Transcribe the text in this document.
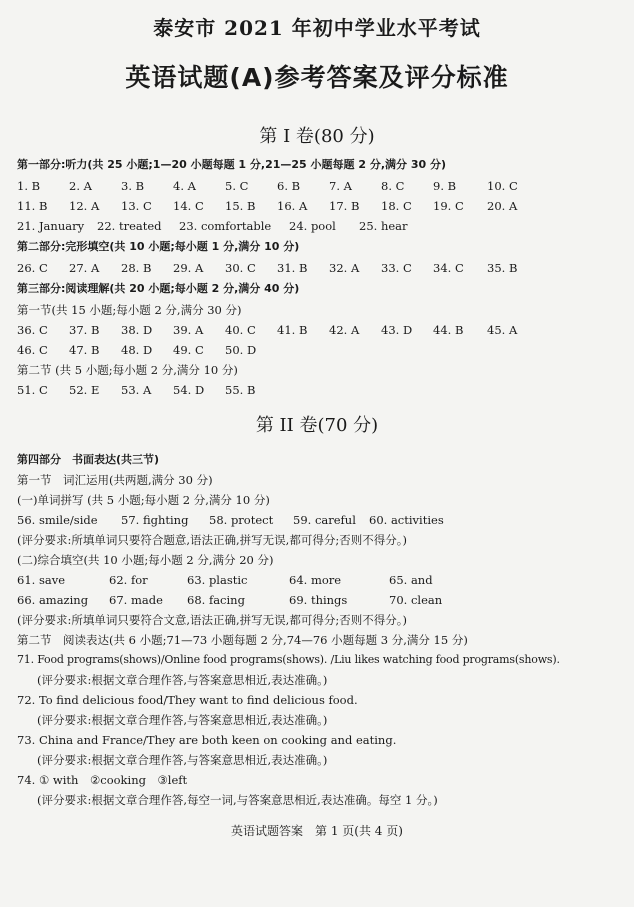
泰安市 2021 年初中学业水平考试
英语试题(A)参考答案及评分标准
第 I 卷(80 分)
第一部分:听力(共 25 小题;1—20 小题每题 1 分,21—25 小题每题 2 分,满分 30 分)
1. B	2. A	3. B	4. A	5. C 6. B	7. A	8. C 9. B	10. C
11. B 12. A 13. C 14. C 15. B 16. A 17. B 18. C 19. C 20. A
21. January 22. treated 23. comfortable 24. pool 25. hear
第二部分:完形填空(共 10 小题;每小题 1 分,满分 10 分)
26. C 27. A 28. B 29. A 30. C 31. B 32. A 33. C 34. C 35. B
第三部分:阅读理解(共 20 小题;每小题 2 分,满分 40 分)
第一节(共 15 小题;每小题 2 分,满分 30 分)
36. C 37. B 38. D 39. A 40. C 41. B 42. A 43. D 44. B 45. A
46. C 47. B 48. D 49. C 50. D
第二节 (共 5 小题;每小题 2 分,满分 10 分)
51. C 52. E 53. A 54. D 55. B
第 II 卷(70 分)
第四部分　书面表达(共三节)
第一节　词汇运用(共两题,满分 30 分)
(一)单词拼写 (共 5 小题;每小题 2 分,满分 10 分)
56. smile/side 57. fighting 58. protect 59. careful 60. activities
(评分要求:所填单词只要符合题意,语法正确,拼写无误,都可得分;否则不得分。)
(二)综合填空(共 10 小题;每小题 2 分,满分 20 分)
61. save	62. for	63. plastic	64. more	65. and
66. amazing 67. made 68. facing	69. things	70. clean
(评分要求:所填单词只要符合文意,语法正确,拼写无误,都可得分;否则不得分。)
第二节　阅读表达(共 6 小题;71—73 小题每题 2 分,74—76 小题每题 3 分,满分 15 分)
71. Food programs(shows)/Online food programs(shows). /Liu likes watching food programs(shows).
(评分要求:根据文章合理作答,与答案意思相近,表达准确。)
72. To find delicious food/They want to find delicious food.
(评分要求:根据文章合理作答,与答案意思相近,表达准确。)
73. China and France/They are both keen on cooking and eating.
(评分要求:根据文章合理作答,与答案意思相近,表达准确。)
74. ① with　②cooking　③left
(评分要求:根据文章合理作答,每空一词,与答案意思相近,表达准确。每空 1 分。)
英语试题答案　第 1 页(共 4 页)
